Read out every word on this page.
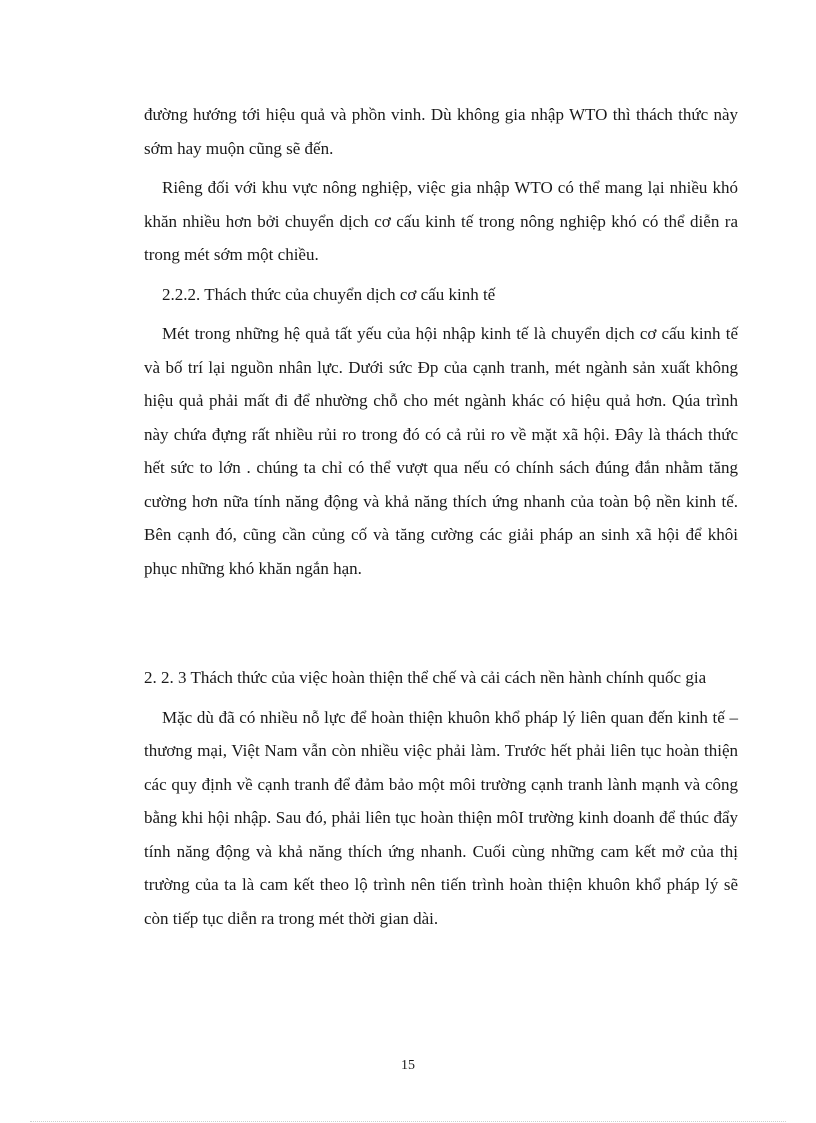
đường hướng tới hiệu quả và phồn vinh. Dù không gia nhập WTO thì thách thức này sớm hay muộn cũng sẽ đến.

Riêng đối với khu vực nông nghiệp, việc gia nhập WTO có thể mang lại nhiều khó khăn nhiều hơn bởi chuyển dịch cơ cấu kinh tế trong nông nghiệp khó có thể diễn ra trong mét sớm một chiều.

2.2.2. Thách thức của chuyển dịch cơ cấu kinh tế

Mét trong những hệ quả tất yếu của hội nhập kinh tế là chuyển dịch cơ cấu kinh tế và bố trí lại nguồn nhân lực. Dưới sức Đp của cạnh tranh, mét ngành sản xuất không hiệu quả phải mất đi để nhường chỗ cho mét ngành khác có hiệu quả hơn. Qúa trình này chứa đựng rất nhiều rủi ro trong đó có cả rủi ro về mặt xã hội. Đây là thách thức hết sức to lớn . chúng ta chỉ có thể vượt qua nếu có chính sách đúng đắn nhằm tăng cường hơn nữa tính năng động và khả năng thích ứng nhanh của toàn bộ nền kinh tế. Bên cạnh đó, cũng cần củng cố và tăng cường các giải pháp an sinh xã hội để khôi phục những khó khăn ngắn hạn.

2. 2. 3 Thách thức của việc hoàn thiện thể chế và cải cách nền hành chính quốc gia

Mặc dù đã có nhiều nỗ lực để hoàn thiện khuôn khổ pháp lý liên quan đến kinh tế – thương mại, Việt Nam vẫn còn nhiều việc phải làm. Trước hết phải liên tục hoàn thiện các quy định về cạnh tranh để đảm bảo một môi trường cạnh tranh lành mạnh và công bằng khi hội nhập. Sau đó, phải liên tục hoàn thiện môI trường kinh doanh để thúc đẩy tính năng động và khả năng thích ứng nhanh. Cuối cùng những cam kết mở của thị trường của ta là cam kết theo lộ trình nên tiến trình hoàn thiện khuôn khổ pháp lý sẽ còn tiếp tục diễn ra trong mét thời gian dài.

15
